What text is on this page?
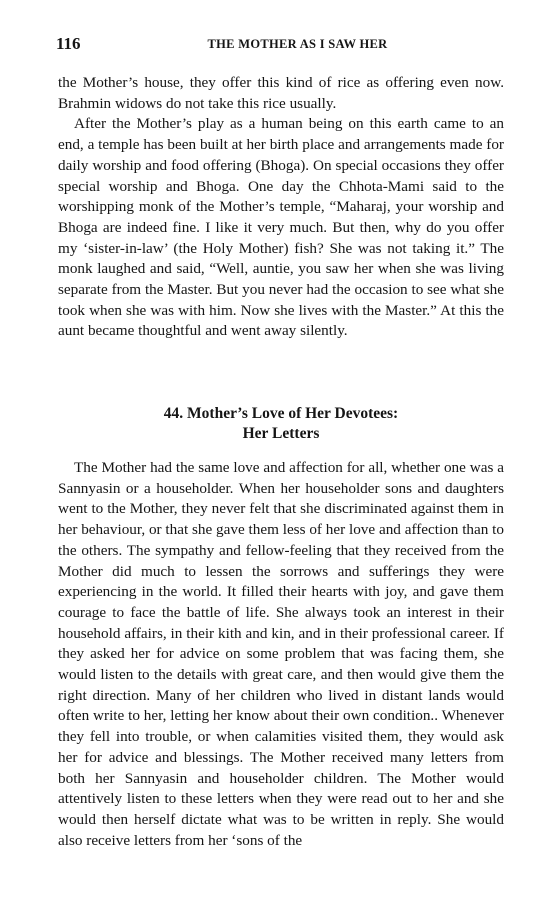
116	THE MOTHER AS I SAW HER

the Mother’s house, they offer this kind of rice as offering even now. Brahmin widows do not take this rice usually.

After the Mother’s play as a human being on this earth came to an end, a temple has been built at her birth place and arrangements made for daily worship and food offering (Bhoga). On special occasions they offer special worship and Bhoga. One day the Chhota-Mami said to the worshipping monk of the Mother’s temple, “Maharaj, your worship and Bhoga are indeed fine. I like it very much. But then, why do you offer my ‘sister-in-law’ (the Holy Mother) fish? She was not taking it.” The monk laughed and said, “Well, auntie, you saw her when she was living separate from the Master. But you never had the occasion to see what she took when she was with him. Now she lives with the Master.” At this the aunt became thoughtful and went away silently.

44. Mother’s Love of Her Devotees:
Her Letters

The Mother had the same love and affection for all, whether one was a Sannyasin or a householder. When her householder sons and daughters went to the Mother, they never felt that she discriminated against them in her behaviour, or that she gave them less of her love and affection than to the others. The sympathy and fellow-feeling that they received from the Mother did much to lessen the sorrows and sufferings they were experiencing in the world. It filled their hearts with joy, and gave them courage to face the battle of life. She always took an interest in their household affairs, in their kith and kin, and in their professional career. If they asked her for advice on some problem that was facing them, she would listen to the details with great care, and then would give them the right direction. Many of her children who lived in distant lands would often write to her, letting her know about their own condition.. Whenever they fell into trouble, or when calamities visited them, they would ask her for advice and blessings. The Mother received many letters from both her Sannyasin and householder children. The Mother would attentively listen to these letters when they were read out to her and she would then herself dictate what was to be written in reply. She would also receive letters from her ‘sons of the
